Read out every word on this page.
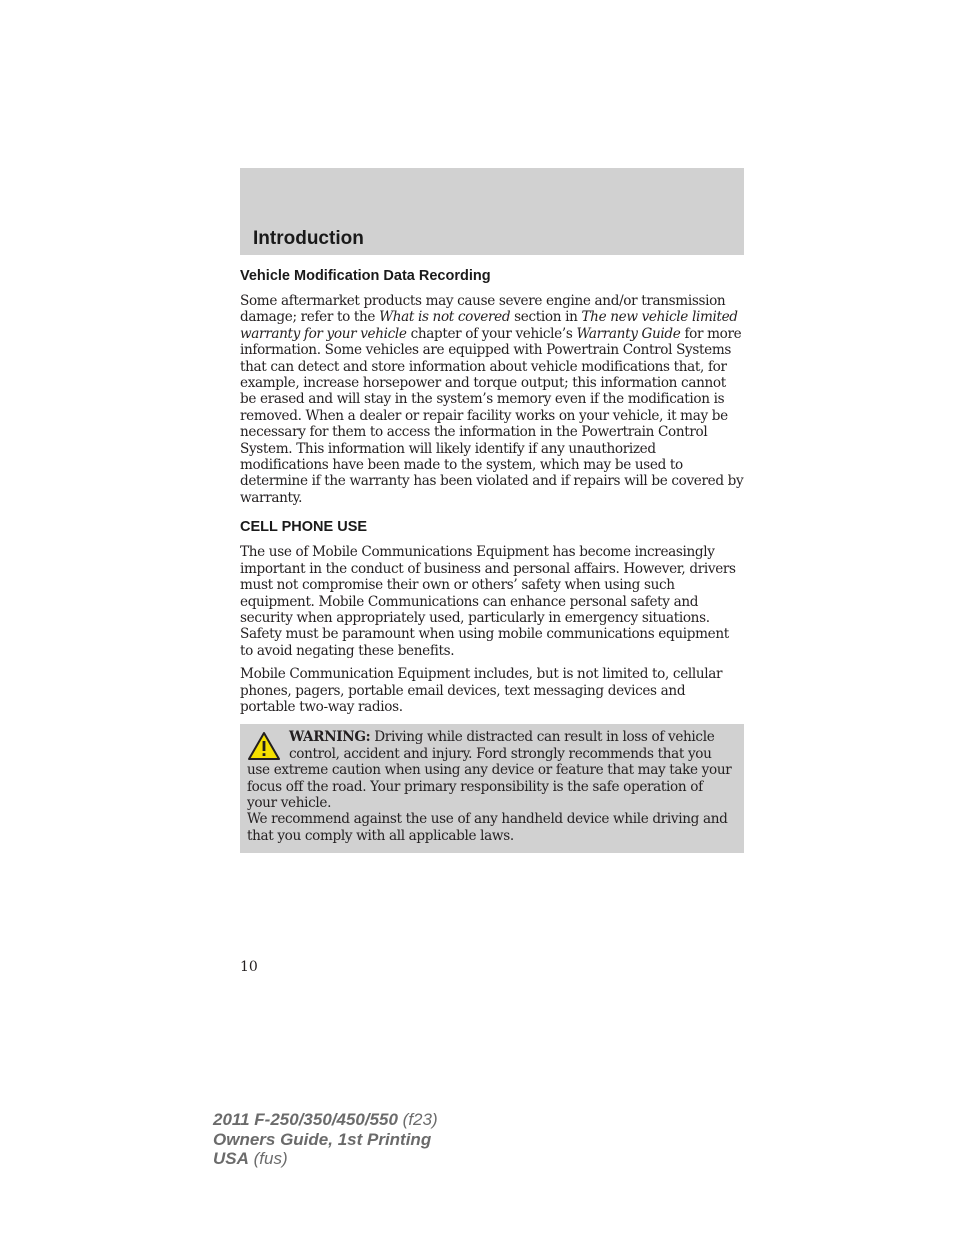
Introduction
Vehicle Modification Data Recording

Some aftermarket products may cause severe engine and/or transmission damage; refer to the What is not covered section in The new vehicle limited warranty for your vehicle chapter of your vehicle’s Warranty Guide for more information. Some vehicles are equipped with Powertrain Control Systems that can detect and store information about vehicle modifications that, for example, increase horsepower and torque output; this information cannot be erased and will stay in the system’s memory even if the modification is removed. When a dealer or repair facility works on your vehicle, it may be necessary for them to access the information in the Powertrain Control System. This information will likely identify if any unauthorized modifications have been made to the system, which may be used to determine if the warranty has been violated and if repairs will be covered by warranty.

CELL PHONE USE

The use of Mobile Communications Equipment has become increasingly important in the conduct of business and personal affairs. However, drivers must not compromise their own or others’ safety when using such equipment. Mobile Communications can enhance personal safety and security when appropriately used, particularly in emergency situations. Safety must be paramount when using mobile communications equipment to avoid negating these benefits.

Mobile Communication Equipment includes, but is not limited to, cellular phones, pagers, portable email devices, text messaging devices and portable two-way radios.

WARNING: Driving while distracted can result in loss of vehicle control, accident and injury. Ford strongly recommends that you use extreme caution when using any device or feature that may take your focus off the road. Your primary responsibility is the safe operation of your vehicle.
We recommend against the use of any handheld device while driving and that you comply with all applicable laws.
10
2011 F-250/350/450/550 (f23)
Owners Guide, 1st Printing
USA (fus)
